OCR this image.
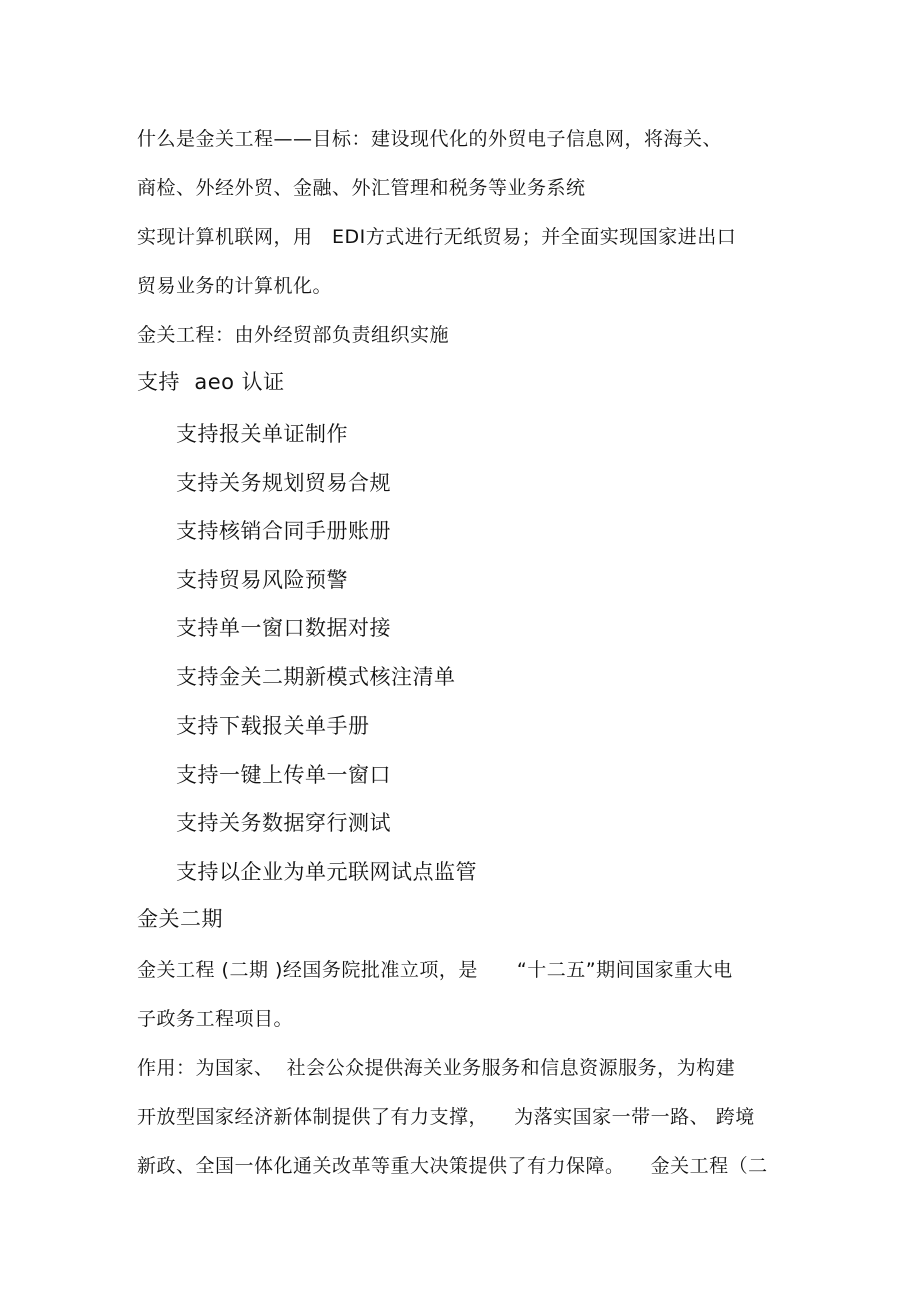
什么是金关工程——目标：建设现代化的外贸电子信息网，将海关、
商检、外经外贸、金融、外汇管理和税务等业务系统
实现计算机联网，用　EDI方式进行无纸贸易；并全面实现国家进出口
贸易业务的计算机化。
金关工程：由外经贸部负责组织实施
支持  aeo 认证
支持报关单证制作
支持关务规划贸易合规
支持核销合同手册账册
支持贸易风险预警
支持单一窗口数据对接
支持金关二期新模式核注清单
支持下载报关单手册
支持一键上传单一窗口
支持关务数据穿行测试
支持以企业为单元联网试点监管
金关二期
金关工程 (二期 )经国务院批准立项，是　　“十二五”期间国家重大电
子政务工程项目。
作用：为国家、  社会公众提供海关业务服务和信息资源服务，为构建
开放型国家经济新体制提供了有力支撑，    为落实国家一带一路、 跨境
新政、全国一体化通关改革等重大决策提供了有力保障。    金关工程（二
